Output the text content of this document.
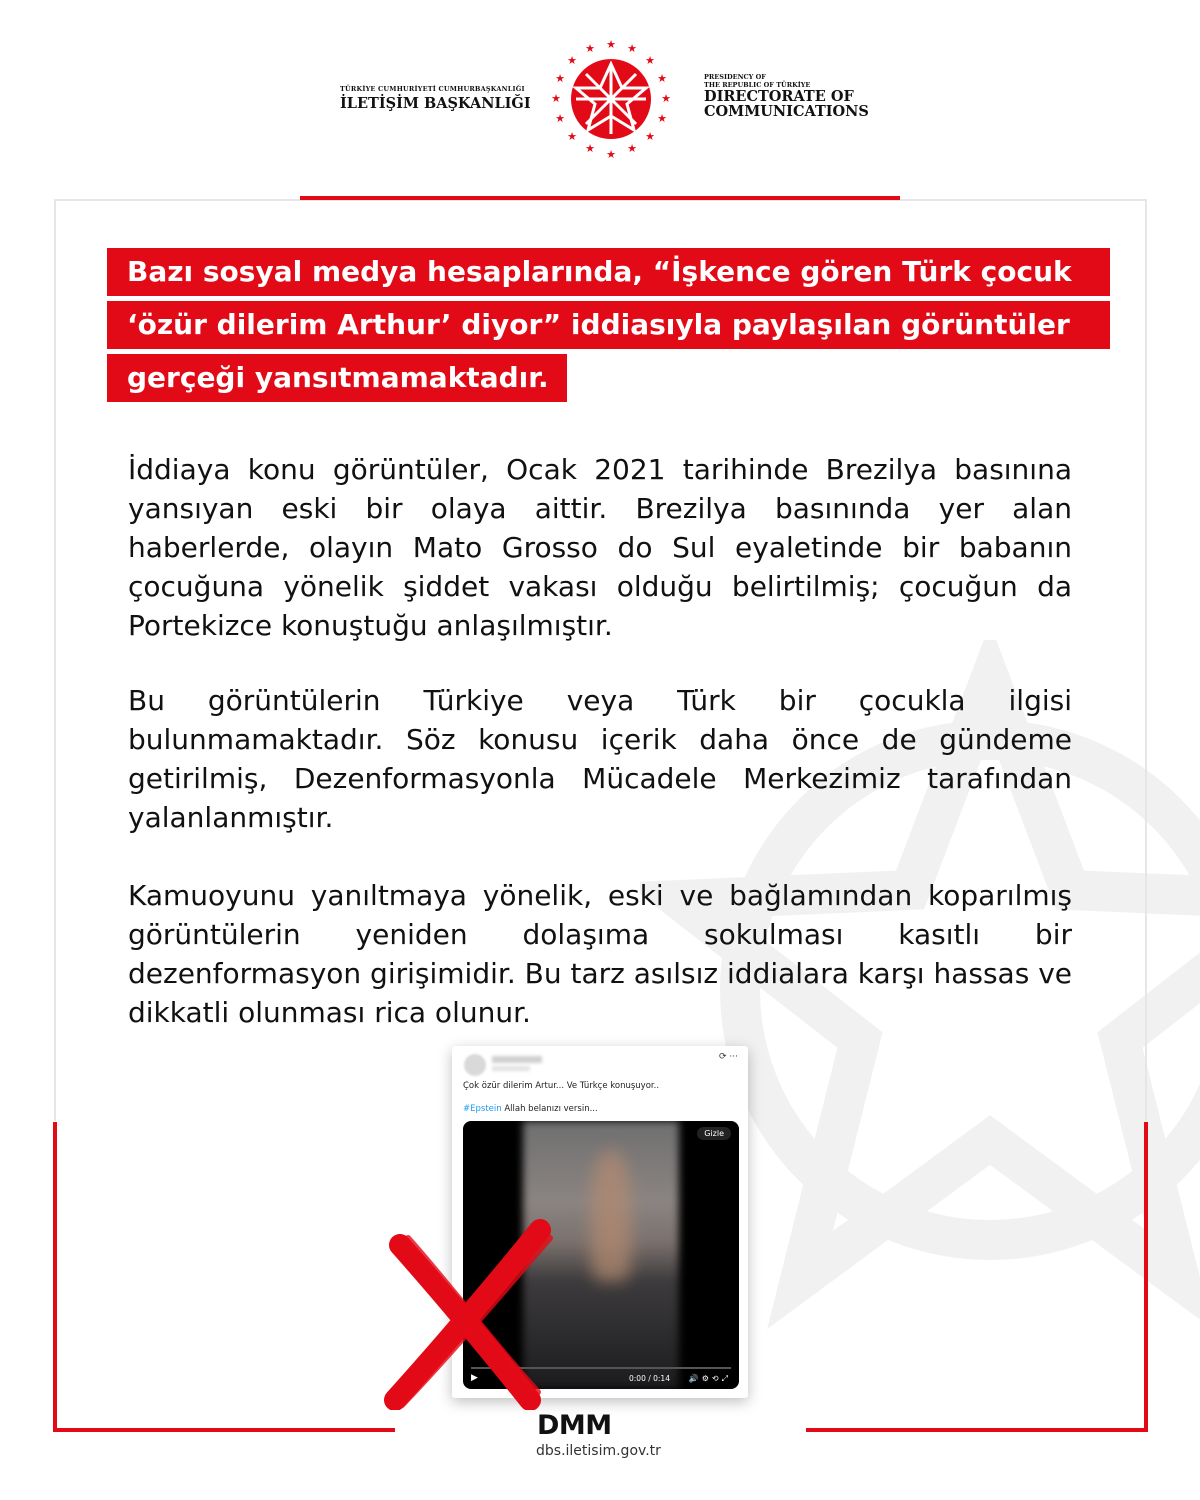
TÜRKİYE CUMHURİYETİ CUMHURBAŞKANLIĞI
İLETİŞİM BAŞKANLIĞI
★ ★
★
★
★
★
★
★
★
★
★
★
★
★
★
★
PRESIDENCY OF
THE REPUBLIC OF TÜRKİYE
DIRECTORATE OF
COMMUNICATIONS
Bazı sosyal medya hesaplarında, “İşkence gören Türk çocuk
‘özür dilerim Arthur’ diyor” iddiasıyla paylaşılan görüntüler
gerçeği yansıtmamaktadır.
İddiaya konu görüntüler, Ocak 2021 tarihinde Brezilya basınına yansıyan eski bir olaya aittir. Brezilya basınında yer alan haberlerde, olayın Mato Grosso do Sul eyaletinde bir babanın çocuğuna yönelik şiddet vakası olduğu belirtilmiş; çocuğun da Portekizce konuştuğu anlaşılmıştır.
Bu görüntülerin Türkiye veya Türk bir çocukla ilgisi bulunmamaktadır. Söz konusu içerik daha önce de gündeme getirilmiş, Dezenformasyonla Mücadele Merkezimiz tarafından yalanlanmıştır.
Kamuoyunu yanıltmaya yönelik, eski ve bağlamından koparılmış görüntülerin yeniden dolaşıma sokulması kasıtlı bir dezenformasyon girişimidir. Bu tarz asılsız iddialara karşı hassas ve dikkatli olunması rica olunur.
⟳ ···
Çok özür dilerim Artur... Ve Türkçe konuşuyor..
#Epstein Allah belanızı versin...
Gizle
▶	0:00 / 0:14 🔊⚙⟲⤢
DMM
dbs.iletisim.gov.tr
